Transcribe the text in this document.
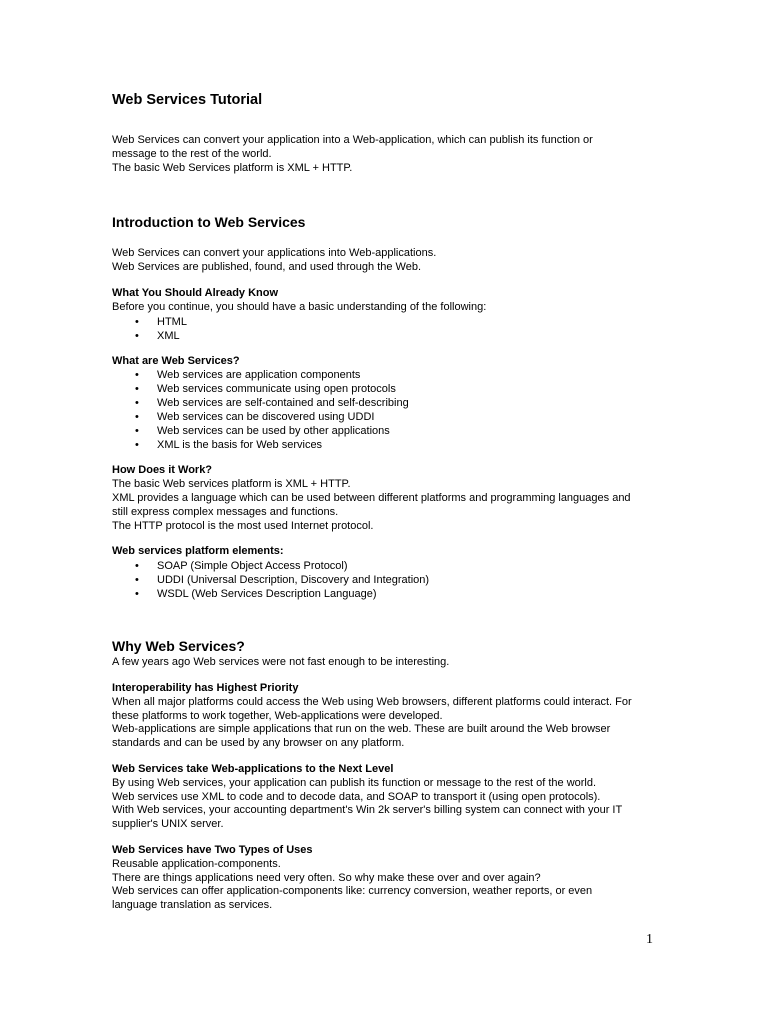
Web Services Tutorial

Web Services can convert your application into a Web-application, which can publish its function or

message to the rest of the world.

The basic Web Services platform is XML + HTTP.

Introduction to Web Services

Web Services can convert your applications into Web-applications.

Web Services are published, found, and used through the Web.

What You Should Already Know

Before you continue, you should have a basic understanding of the following:

• HTML
• XML
What are Web Services?
• Web services are application components
• Web services communicate using open protocols
• Web services are self-contained and self-describing
• Web services can be discovered using UDDI
• Web services can be used by other applications
• XML is the basis for Web services
How Does it Work?

The basic Web services platform is XML + HTTP.

XML provides a language which can be used between different platforms and programming languages and

still express complex messages and functions.

The HTTP protocol is the most used Internet protocol.

Web services platform elements:
• SOAP (Simple Object Access Protocol)
• UDDI (Universal Description, Discovery and Integration)
• WSDL (Web Services Description Language)
Why Web Services?

A few years ago Web services were not fast enough to be interesting.

Interoperability has Highest Priority

When all major platforms could access the Web using Web browsers, different platforms could interact. For

these platforms to work together, Web-applications were developed.

Web-applications are simple applications that run on the web. These are built around the Web browser

standards and can be used by any browser on any platform.

Web Services take Web-applications to the Next Level

By using Web services, your application can publish its function or message to the rest of the world.

Web services use XML to code and to decode data, and SOAP to transport it (using open protocols).

With Web services, your accounting department's Win 2k server's billing system can connect with your IT

supplier's UNIX server.

Web Services have Two Types of Uses

Reusable application-components.

There are things applications need very often. So why make these over and over again?

Web services can offer application-components like: currency conversion, weather reports, or even

language translation as services.

1
